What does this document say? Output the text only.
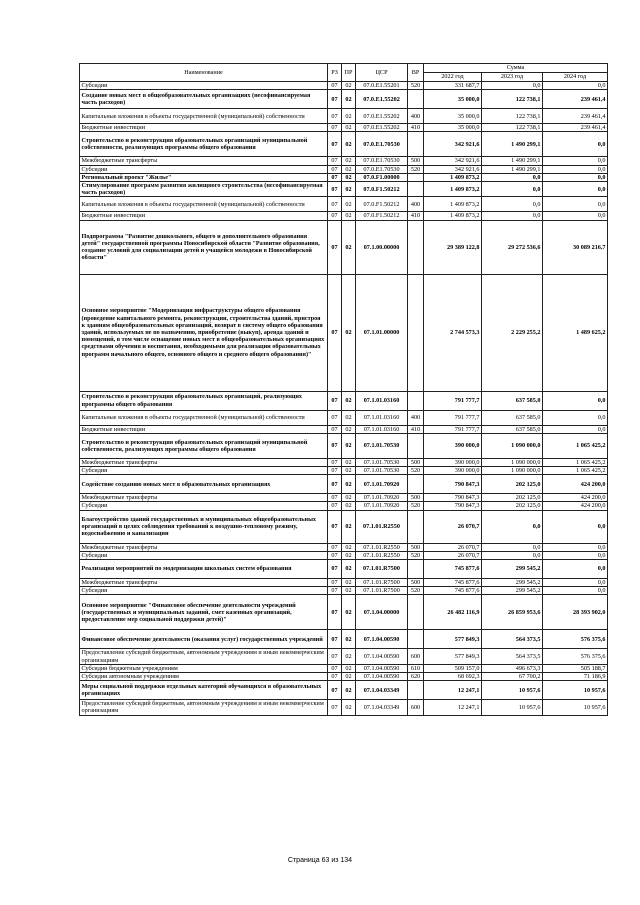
Наименование	РЗ	ПР	ЦСР	ВР	Сумма		
					2022 год	2023 год	2024 год
Субсидии	07	02	07.0.E1.55201	520	331 687,7	0,0	0,0
Создание новых мест в общеобразовательных организациях (несофинансируемая часть расходов)	07	02	07.0.E1.55202		35 000,0	122 738,1	239 461,4
Капитальные вложения в объекты государственной (муниципальной) собственности	07	02	07.0.E1.55202	400	35 000,0	122 738,1	239 461,4
Бюджетные инвестиции	07	02	07.0.E1.55202	410	35 000,0	122 738,1	239 461,4
Строительство и реконструкция образовательных организаций муниципальной собственности, реализующих программы общего образования	07	02	07.0.E1.70530		342 921,6	1 490 299,1	0,0
Межбюджетные трансферты	07	02	07.0.E1.70530	500	342 921,6	1 490 299,1	0,0
Субсидии	07	02	07.0.E1.70530	520	342 921,6	1 490 299,1	0,0
Региональный проект "Жилье"	07	02	07.0.F1.00000		1 409 873,2	0,0	0,0
Стимулирование программ развития жилищного строительства (несофинансируемая часть расходов)	07	02	07.0.F1.50212		1 409 873,2	0,0	0,0
Капитальные вложения в объекты государственной (муниципальной) собственности	07	02	07.0.F1.50212	400	1 409 873,2	0,0	0,0
Бюджетные инвестиции	07	02	07.0.F1.50212	410	1 409 873,2	0,0	0,0
Подпрограмма "Развитие дошкольного, общего и дополнительного образования детей" государственной программы Новосибирской области "Развитие образования, создание условий для социализации детей и учащейся молодежи в Новосибирской области"	07	02	07.1.00.00000		29 389 122,8	29 272 536,6	30 089 216,7
Основное мероприятие "Модернизация инфраструктуры общего образования (проведение капитального ремонта, реконструкции, строительства зданий, пристроя к зданиям общеобразовательных организаций, возврат в систему общего образования зданий, используемых не по назначению, приобретение (выкуп), аренда зданий и помещений, в том числе оснащение новых мест в общеобразовательных организациях средствами обучения и воспитания, необходимыми для реализации образовательных программ начального общего, основного общего и среднего общего образования)"	07	02	07.1.01.00000		2 744 573,3	2 229 255,2	1 489 625,2
Строительство и реконструкция образовательных организаций, реализующих программы общего образования	07	02	07.1.01.03160		791 777,7	637 585,0	0,0
Капитальные вложения в объекты государственной (муниципальной) собственности	07	02	07.1.01.03160	400	791 777,7	637 585,0	0,0
Бюджетные инвестиции	07	02	07.1.01.03160	410	791 777,7	637 585,0	0,0
Строительство и реконструкция образовательных организаций муниципальной собственности, реализующих программы общего образования	07	02	07.1.01.70530		390 000,0	1 090 000,0	1 065 425,2
Межбюджетные трансферты	07	02	07.1.01.70530	500	390 000,0	1 090 000,0	1 065 425,2
Субсидии	07	02	07.1.01.70530	520	390 000,0	1 090 000,0	1 065 425,2
Содействие созданию новых мест в образовательных организациях	07	02	07.1.01.70920		790 847,3	202 125,0	424 200,0
Межбюджетные трансферты	07	02	07.1.01.70920	500	790 847,3	202 125,0	424 200,0
Субсидии	07	02	07.1.01.70920	520	790 847,3	202 125,0	424 200,0
Благоустройство зданий государственных и муниципальных общеобразовательных организаций в целях соблюдения требований к воздушно-тепловому режиму, водоснабжению и канализации	07	02	07.1.01.R2550		26 070,7	0,0	0,0
Межбюджетные трансферты	07	02	07.1.01.R2550	500	26 070,7	0,0	0,0
Субсидии	07	02	07.1.01.R2550	520	26 070,7	0,0	0,0
Реализация мероприятий по модернизации школьных систем образования	07	02	07.1.01.R7500		745 877,6	299 545,2	0,0
Межбюджетные трансферты	07	02	07.1.01.R7500	500	745 877,6	299 545,2	0,0
Субсидии	07	02	07.1.01.R7500	520	745 877,6	299 545,2	0,0
Основное мероприятие "Финансовое обеспечение деятельности учреждений (государственных и муниципальных заданий, смет казенных организаций, предоставление мер социальной поддержки детей)"	07	02	07.1.04.00000		26 482 116,9	26 859 953,6	28 393 902,0
Финансовое обеспечение деятельности (оказания услуг) государственных учреждений	07	02	07.1.04.00590		577 849,3	564 373,5	576 375,6
Предоставление субсидий бюджетным, автономным учреждениям и иным некоммерческим организациям	07	02	07.1.04.00590	600	577 849,3	564 373,5	576 375,6
Субсидии бюджетным учреждениям	07	02	07.1.04.00590	610	509 157,0	496 673,3	505 188,7
Субсидии автономным учреждениям	07	02	07.1.04.00590	620	68 692,3	67 700,2	71 186,9
Меры социальной поддержки отдельных категорий обучающихся в образовательных организациях	07	02	07.1.04.03349		12 247,1	10 957,6	10 957,6
Предоставление субсидий бюджетным, автономным учреждениям и иным некоммерческим организациям	07	02	07.1.04.03349	600	12 247,1	10 957,6	10 957,6
Страница 63 из 134
